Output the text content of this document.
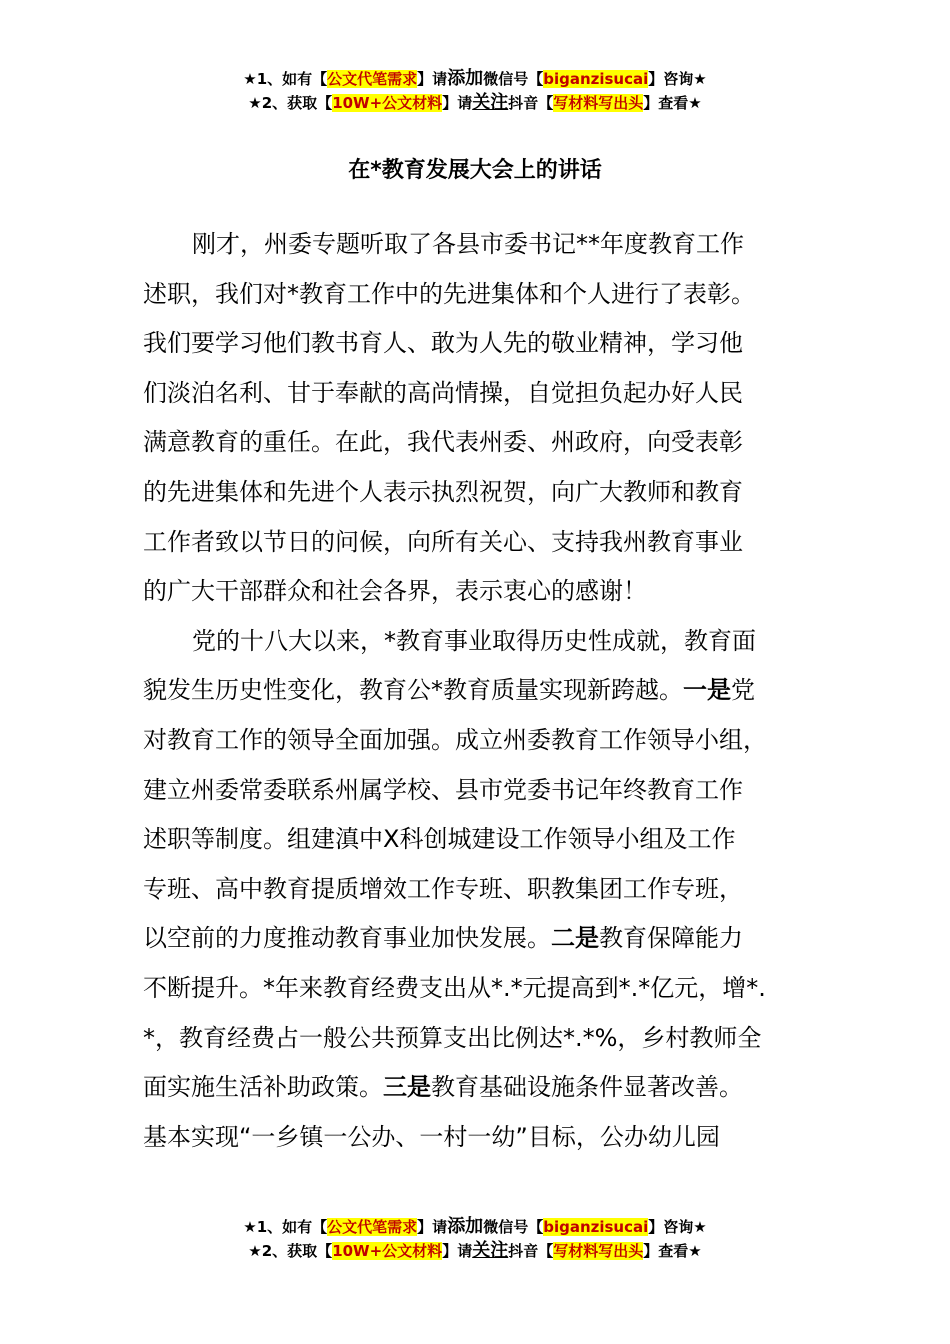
★1、如有【公文代笔需求】请添加微信号【biganzisucai】咨询★
★2、获取【10W+公文材料】请关注抖音【写材料写出头】查看★
在*教育发展大会上的讲话
刚才，州委专题听取了各县市委书记**年度教育工作
述职，我们对*教育工作中的先进集体和个人进行了表彰。
我们要学习他们教书育人、敢为人先的敬业精神，学习他
们淡泊名利、甘于奉献的高尚情操，自觉担负起办好人民
满意教育的重任。在此，我代表州委、州政府，向受表彰
的先进集体和先进个人表示执烈祝贺，向广大教师和教育
工作者致以节日的问候，向所有关心、支持我州教育事业
的广大干部群众和社会各界，表示衷心的感谢！
党的十八大以来，*教育事业取得历史性成就，教育面
貌发生历史性变化，教育公*教育质量实现新跨越。一是党
对教育工作的领导全面加强。成立州委教育工作领导小组，
建立州委常委联系州属学校、县市党委书记年终教育工作
述职等制度。组建滇中X科创城建设工作领导小组及工作
专班、高中教育提质增效工作专班、职教集团工作专班，
以空前的力度推动教育事业加快发展。二是教育保障能力
不断提升。*年来教育经费支出从*.*元提高到*.*亿元，增*.
*，教育经费占一般公共预算支出比例达*.*%，乡村教师全
面实施生活补助政策。三是教育基础设施条件显著改善。
基本实现“一乡镇一公办、一村一幼”目标，公办幼儿园
★1、如有【公文代笔需求】请添加微信号【biganzisucai】咨询★
★2、获取【10W+公文材料】请关注抖音【写材料写出头】查看★
